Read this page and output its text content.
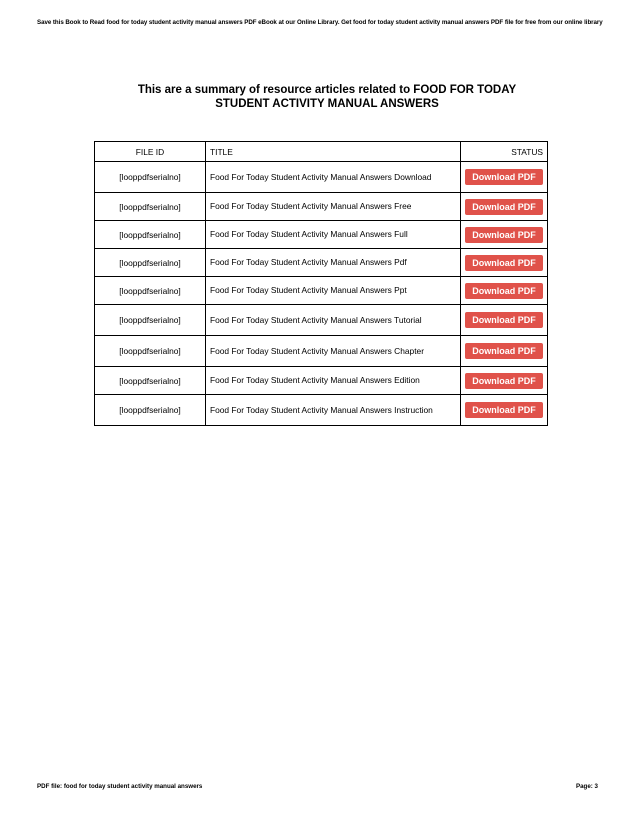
Save this Book to Read food for today student activity manual answers PDF eBook at our Online Library. Get food for today student activity manual answers PDF file for free from our online library
This are a summary of resource articles related to FOOD FOR TODAY STUDENT ACTIVITY MANUAL ANSWERS
FILE ID	TITLE	STATUS
[looppdfserialno]	Food For Today Student Activity Manual Answers Download	Download PDF
[looppdfserialno]	Food For Today Student Activity Manual Answers Free	Download PDF
[looppdfserialno]	Food For Today Student Activity Manual Answers Full	Download PDF
[looppdfserialno]	Food For Today Student Activity Manual Answers Pdf	Download PDF
[looppdfserialno]	Food For Today Student Activity Manual Answers Ppt	Download PDF
[looppdfserialno]	Food For Today Student Activity Manual Answers Tutorial	Download PDF
[looppdfserialno]	Food For Today Student Activity Manual Answers Chapter	Download PDF
[looppdfserialno]	Food For Today Student Activity Manual Answers Edition	Download PDF
[looppdfserialno]	Food For Today Student Activity Manual Answers Instruction	Download PDF
PDF file: food for today student activity manual answers	Page: 3
